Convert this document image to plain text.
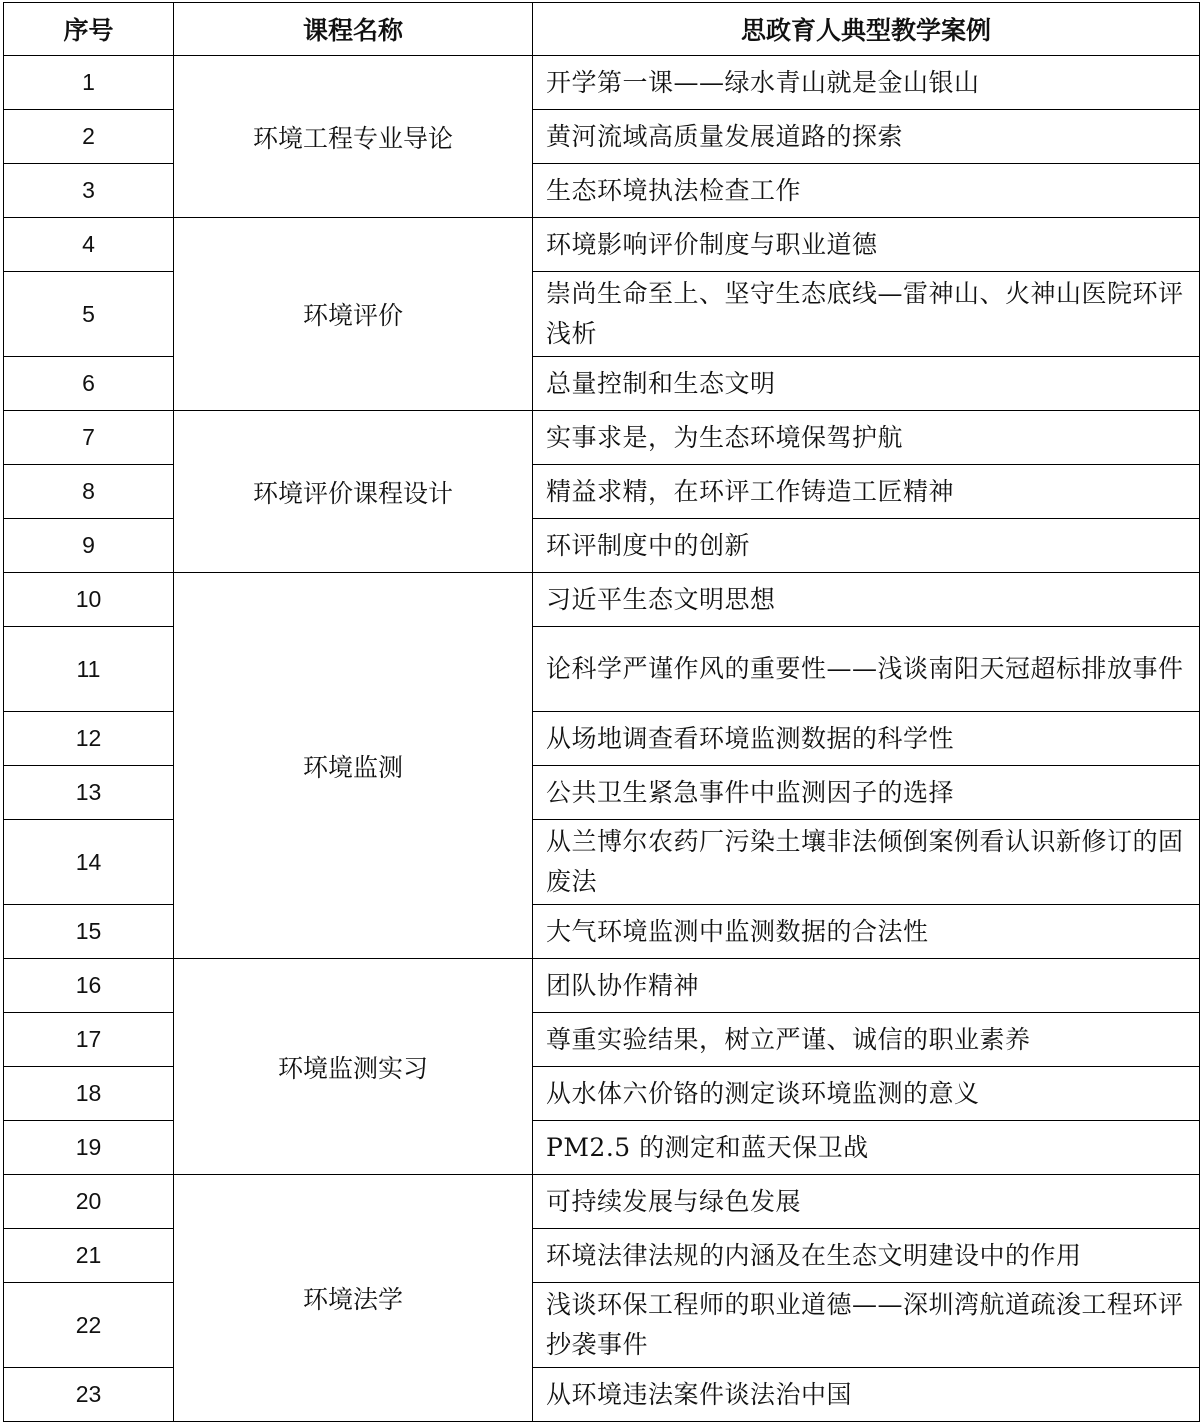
序号	课程名称	思政育人典型教学案例
1	环境工程专业导论	开学第一课——绿水青山就是金山银山
2		黄河流域高质量发展道路的探索
3		生态环境执法检查工作
4	环境评价	环境影响评价制度与职业道德
5		崇尚生命至上、坚守生态底线—雷神山、火神山医院环评浅析
6		总量控制和生态文明
7	环境评价课程设计	实事求是，为生态环境保驾护航
8		精益求精，在环评工作铸造工匠精神
9		环评制度中的创新
10	环境监测	习近平生态文明思想
11		论科学严谨作风的重要性——浅谈南阳天冠超标排放事件
12		从场地调查看环境监测数据的科学性
13		公共卫生紧急事件中监测因子的选择
14		从兰博尔农药厂污染土壤非法倾倒案例看认识新修订的固废法
15		大气环境监测中监测数据的合法性
16	环境监测实习	团队协作精神
17		尊重实验结果，树立严谨、诚信的职业素养
18		从水体六价铬的测定谈环境监测的意义
19		PM2.5 的测定和蓝天保卫战
20	环境法学	可持续发展与绿色发展
21		环境法律法规的内涵及在生态文明建设中的作用
22		浅谈环保工程师的职业道德——深圳湾航道疏浚工程环评抄袭事件
23		从环境违法案件谈法治中国
